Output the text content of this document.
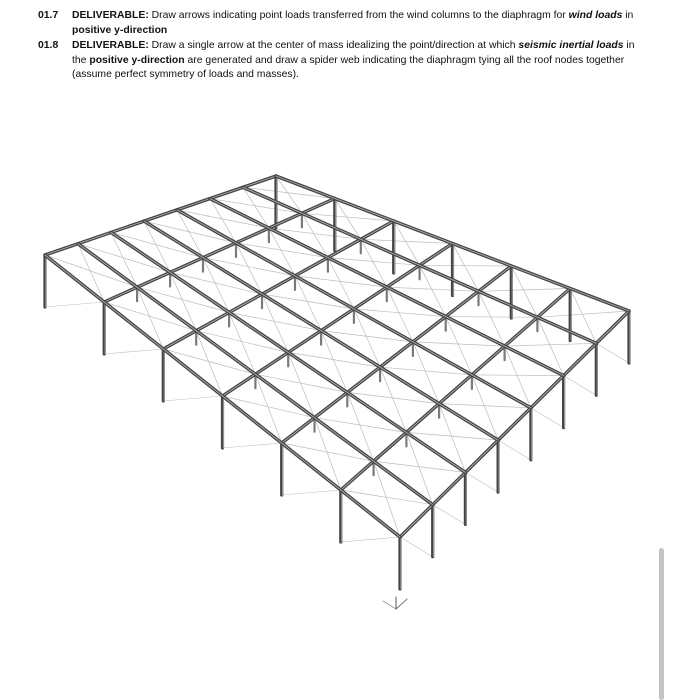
01.7 DELIVERABLE: Draw arrows indicating point loads transferred from the wind columns to the diaphragm for wind loads in positive y-direction
01.8 DELIVERABLE: Draw a single arrow at the center of mass idealizing the point/direction at which seismic inertial loads in the positive y-direction are generated and draw a spider web indicating the diaphragm tying all the roof nodes together (assume perfect symmetry of loads and masses).
